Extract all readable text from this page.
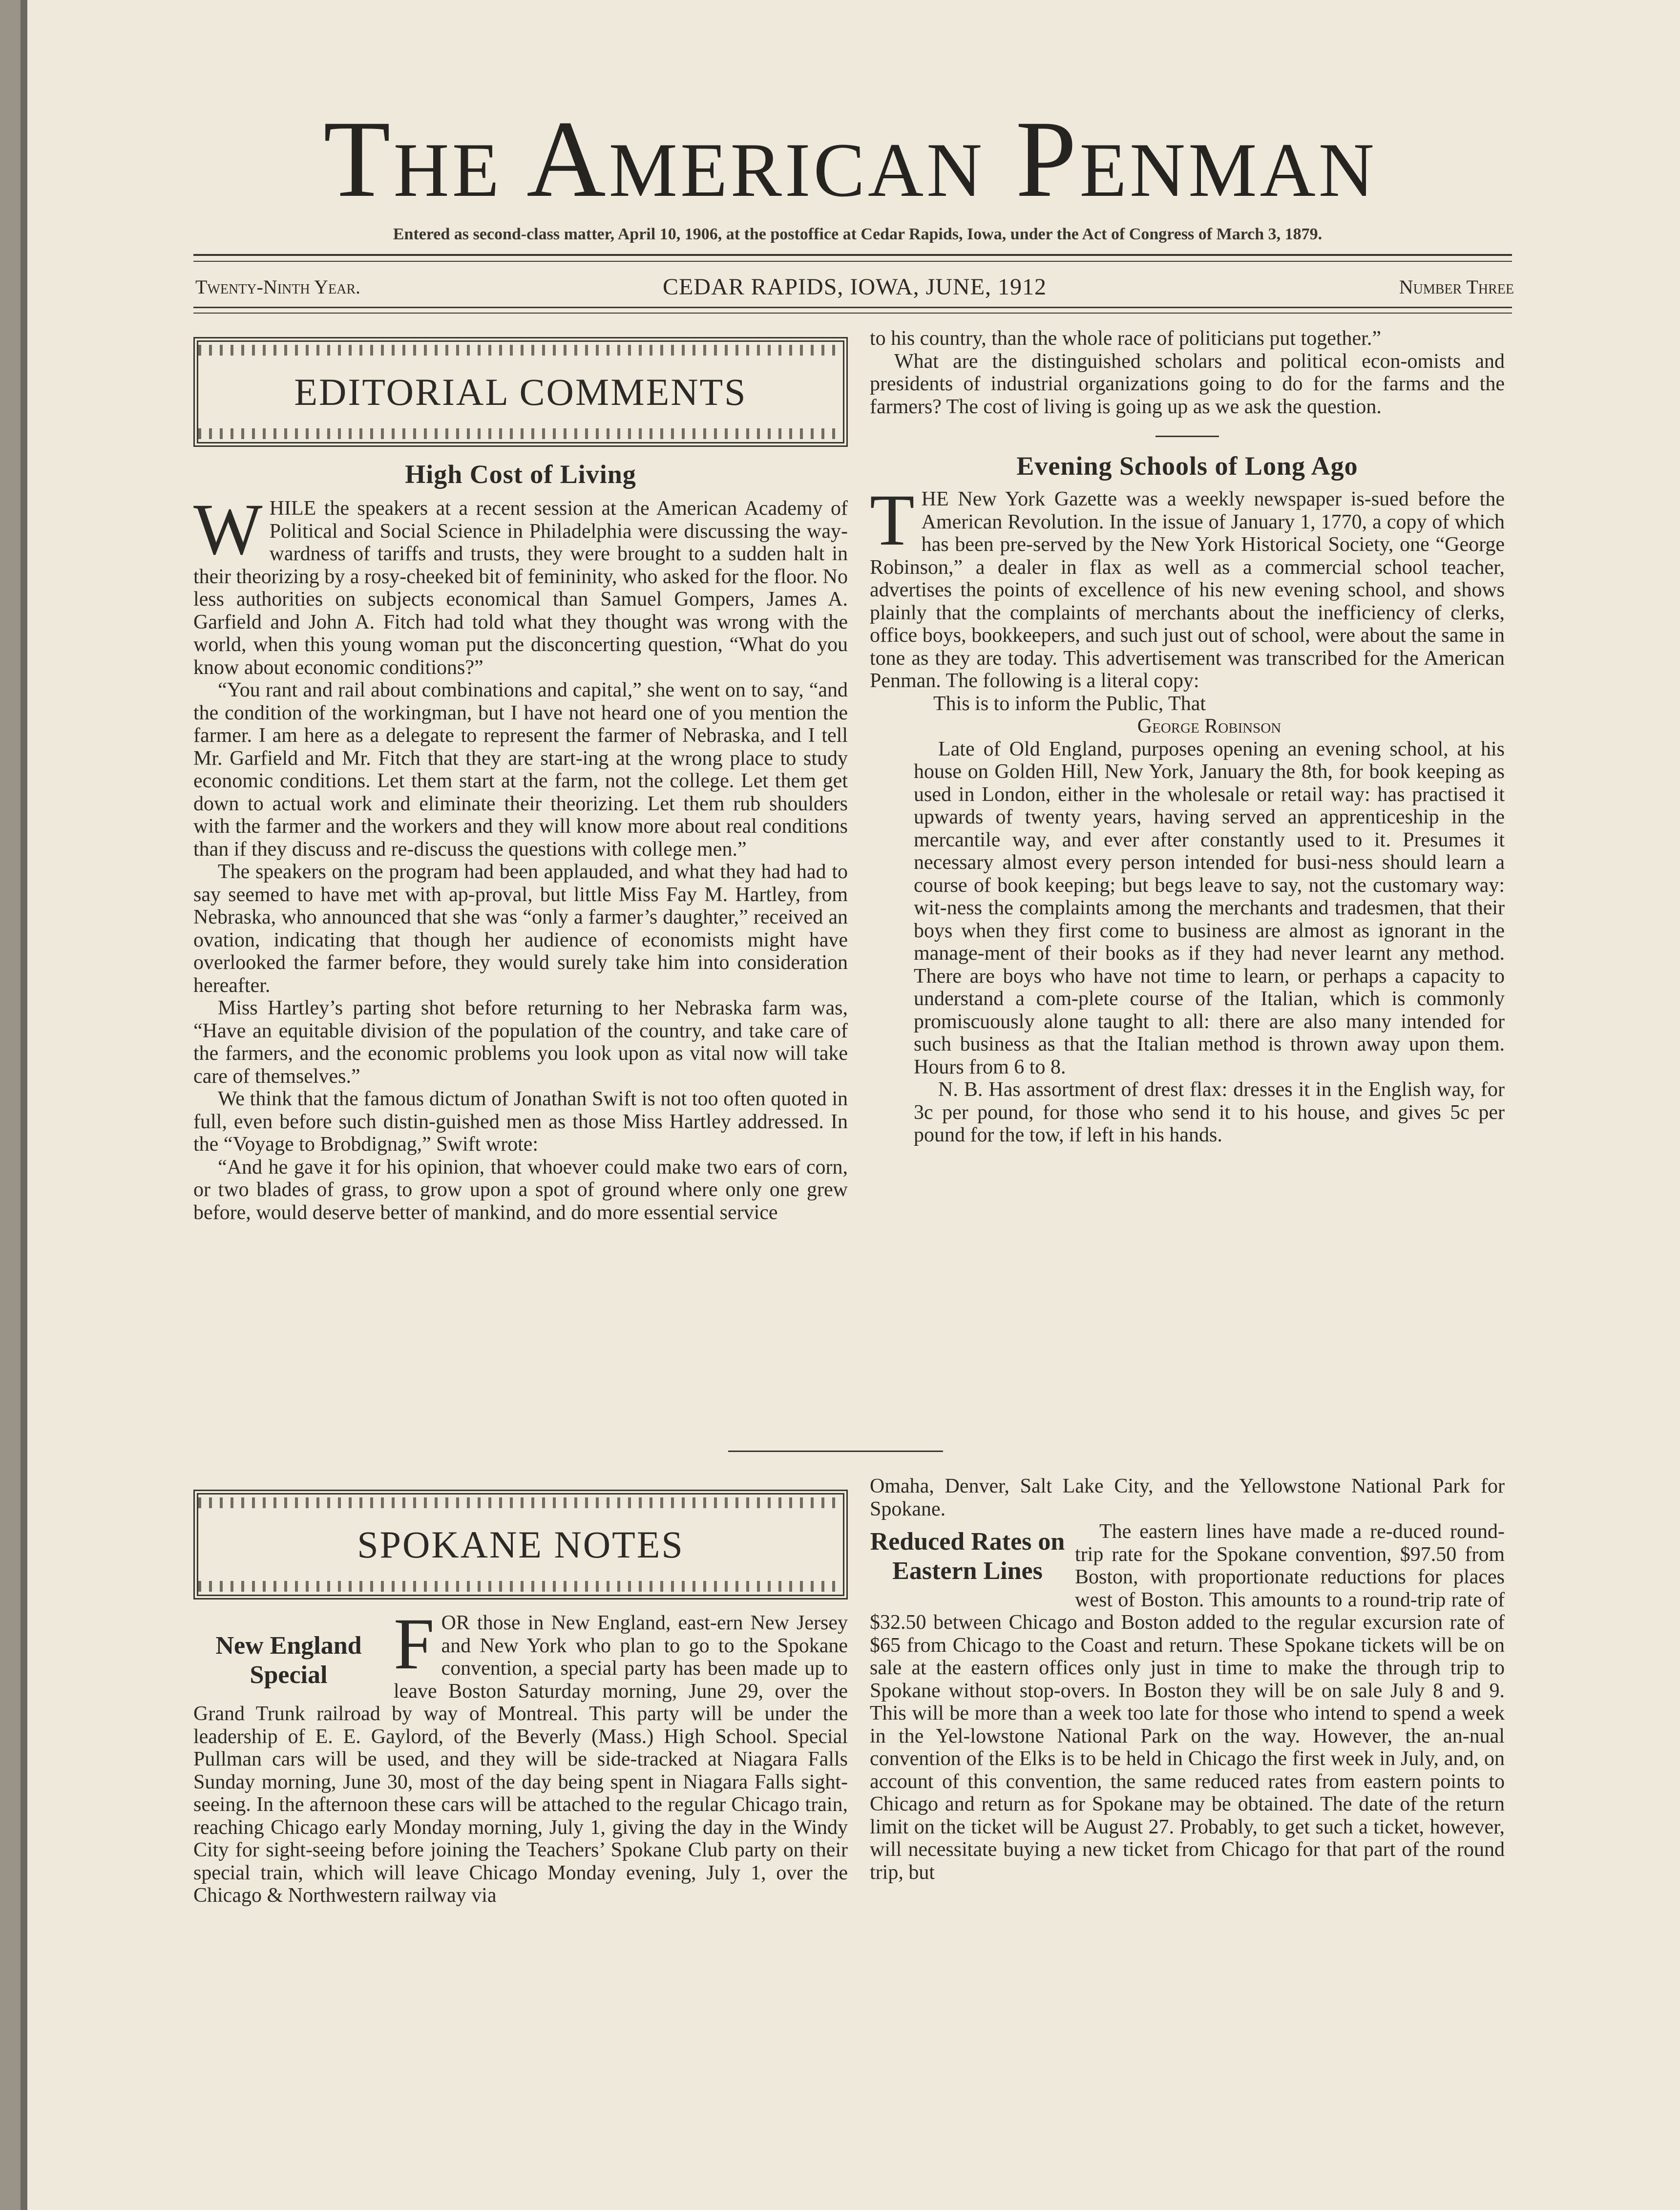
The American Penman
Entered as second-class matter, April 10, 1906, at the postoffice at Cedar Rapids, Iowa, under the Act of Congress of March 3, 1879.
Twenty-Ninth Year.	CEDAR RAPIDS, IOWA, JUNE, 1912	Number Three
EDITORIAL COMMENTS
High Cost of Living

WHILE the speakers at a recent session at the American Academy of Political and Social Science in Philadelphia were discussing the way-wardness of tariffs and trusts, they were brought to a sudden halt in their theorizing by a rosy-cheeked bit of femininity, who asked for the floor. No less authorities on subjects economical than Samuel Gompers, James A. Garfield and John A. Fitch had told what they thought was wrong with the world, when this young woman put the disconcerting question, “What do you know about economic conditions?”

“You rant and rail about combinations and capital,” she went on to say, “and the condition of the workingman, but I have not heard one of you mention the farmer. I am here as a delegate to represent the farmer of Nebraska, and I tell Mr. Garfield and Mr. Fitch that they are start-ing at the wrong place to study economic conditions. Let them start at the farm, not the college. Let them get down to actual work and eliminate their theorizing. Let them rub shoulders with the farmer and the workers and they will know more about real conditions than if they discuss and re-discuss the questions with college men.”

The speakers on the program had been applauded, and what they had had to say seemed to have met with ap-proval, but little Miss Fay M. Hartley, from Nebraska, who announced that she was “only a farmer’s daughter,” received an ovation, indicating that though her audience of economists might have overlooked the farmer before, they would surely take him into consideration hereafter.

Miss Hartley’s parting shot before returning to her Nebraska farm was, “Have an equitable division of the population of the country, and take care of the farmers, and the economic problems you look upon as vital now will take care of themselves.”

We think that the famous dictum of Jonathan Swift is not too often quoted in full, even before such distin-guished men as those Miss Hartley addressed. In the “Voyage to Brobdignag,” Swift wrote:

“And he gave it for his opinion, that whoever could make two ears of corn, or two blades of grass, to grow upon a spot of ground where only one grew before, would deserve better of mankind, and do more essential service

to his country, than the whole race of politicians put together.”

What are the distinguished scholars and political econ-omists and presidents of industrial organizations going to do for the farms and the farmers? The cost of living is going up as we ask the question.

Evening Schools of Long Ago

THE New York Gazette was a weekly newspaper is-sued before the American Revolution. In the issue of January 1, 1770, a copy of which has been pre-served by the New York Historical Society, one “George Robinson,” a dealer in flax as well as a commercial school teacher, advertises the points of excellence of his new evening school, and shows plainly that the complaints of merchants about the inefficiency of clerks, office boys, bookkeepers, and such just out of school, were about the same in tone as they are today. This advertisement was transcribed for the American Penman. The following is a literal copy:

This is to inform the Public, That

George Robinson

Late of Old England, purposes opening an evening school, at his house on Golden Hill, New York, January the 8th, for book keeping as used in London, either in the wholesale or retail way: has practised it upwards of twenty years, having served an apprenticeship in the mercantile way, and ever after constantly used to it. Presumes it necessary almost every person intended for busi-ness should learn a course of book keeping; but begs leave to say, not the customary way: wit-ness the complaints among the merchants and tradesmen, that their boys when they first come to business are almost as ignorant in the manage-ment of their books as if they had never learnt any method. There are boys who have not time to learn, or perhaps a capacity to understand a com-plete course of the Italian, which is commonly promiscuously alone taught to all: there are also many intended for such business as that the Italian method is thrown away upon them. Hours from 6 to 8.

N. B. Has assortment of drest flax: dresses it in the English way, for 3c per pound, for those who send it to his house, and gives 5c per pound for the tow, if left in his hands.

SPOKANE NOTES
New England Special FOR those in New England, east-ern New Jersey and New York who plan to go to the Spokane convention, a special party has been made up to leave Boston Saturday morning, June 29, over the Grand Trunk railroad by way of Montreal. This party will be under the leadership of E. E. Gaylord, of the Beverly (Mass.) High School. Special Pullman cars will be used, and they will be side-tracked at Niagara Falls Sunday morning, June 30, most of the day being spent in Niagara Falls sight-seeing. In the afternoon these cars will be attached to the regular Chicago train, reaching Chicago early Monday morning, July 1, giving the day in the Windy City for sight-seeing before joining the Teachers’ Spokane Club party on their special train, which will leave Chicago Monday evening, July 1, over the Chicago & Northwestern railway via

Omaha, Denver, Salt Lake City, and the Yellowstone National Park for Spokane.

Reduced Rates on Eastern Lines

The eastern lines have made a re-duced round-trip rate for the Spokane convention, $97.50 from Boston, with proportionate reductions for places west of Boston. This amounts to a round-trip rate of $32.50 between Chicago and Boston added to the regular excursion rate of $65 from Chicago to the Coast and return. These Spokane tickets will be on sale at the eastern offices only just in time to make the through trip to Spokane without stop-overs. In Boston they will be on sale July 8 and 9. This will be more than a week too late for those who intend to spend a week in the Yel-lowstone National Park on the way. However, the an-nual convention of the Elks is to be held in Chicago the first week in July, and, on account of this convention, the same reduced rates from eastern points to Chicago and return as for Spokane may be obtained. The date of the return limit on the ticket will be August 27. Probably, to get such a ticket, however, will necessitate buying a new ticket from Chicago for that part of the round trip, but
